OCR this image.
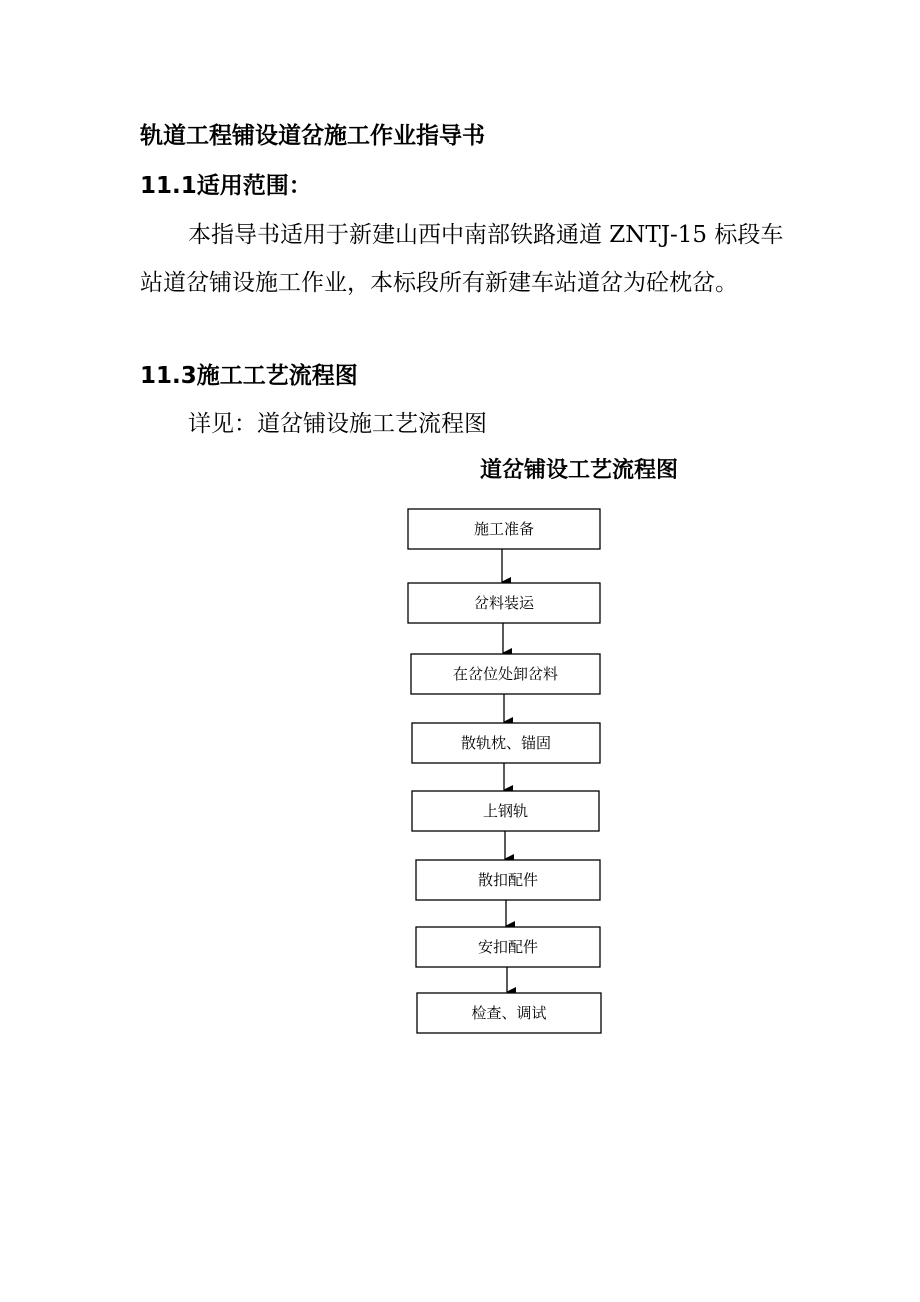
轨道工程铺设道岔施工作业指导书
11.1适用范围：
本指导书适用于新建山西中南部铁路通道 ZNTJ-15 标段车站道岔铺设施工作业，本标段所有新建车站道岔为砼枕岔。
11.3施工工艺流程图
详见：道岔铺设施工艺流程图
道岔铺设工艺流程图
施工准备
岔料装运
在岔位处卸岔料
散轨枕、锚固
上钢轨
散扣配件
安扣配件
检查、调试
